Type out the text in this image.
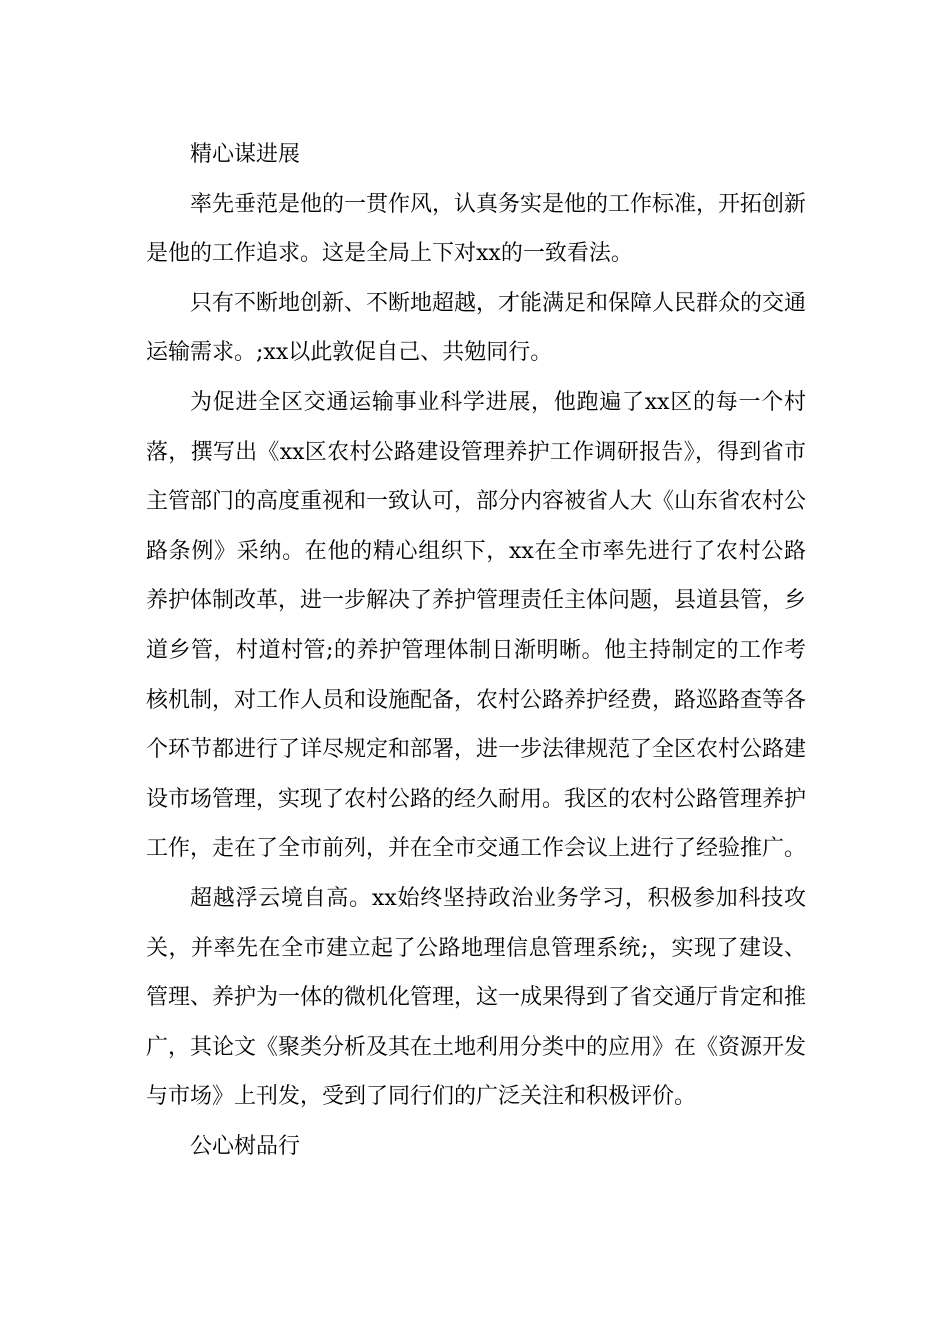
精心谋进展

率先垂范是他的一贯作风，认真务实是他的工作标准，开拓创新是他的工作追求。这是全局上下对xx的一致看法。

只有不断地创新、不断地超越，才能满足和保障人民群众的交通运输需求。;xx以此敦促自己、共勉同行。

为促进全区交通运输事业科学进展，他跑遍了xx区的每一个村落，撰写出《xx区农村公路建设管理养护工作调研报告》，得到省市主管部门的高度重视和一致认可，部分内容被省人大《山东省农村公路条例》采纳。在他的精心组织下，xx在全市率先进行了农村公路养护体制改革，进一步解决了养护管理责任主体问题，县道县管，乡道乡管，村道村管;的养护管理体制日渐明晰。他主持制定的工作考核机制，对工作人员和设施配备，农村公路养护经费，路巡路查等各个环节都进行了详尽规定和部署，进一步法律规范了全区农村公路建设市场管理，实现了农村公路的经久耐用。我区的农村公路管理养护工作，走在了全市前列，并在全市交通工作会议上进行了经验推广。

超越浮云境自高。xx始终坚持政治业务学习，积极参加科技攻关，并率先在全市建立起了公路地理信息管理系统;，实现了建设、管理、养护为一体的微机化管理，这一成果得到了省交通厅肯定和推广，其论文《聚类分析及其在土地利用分类中的应用》在《资源开发与市场》上刊发，受到了同行们的广泛关注和积极评价。

公心树品行
